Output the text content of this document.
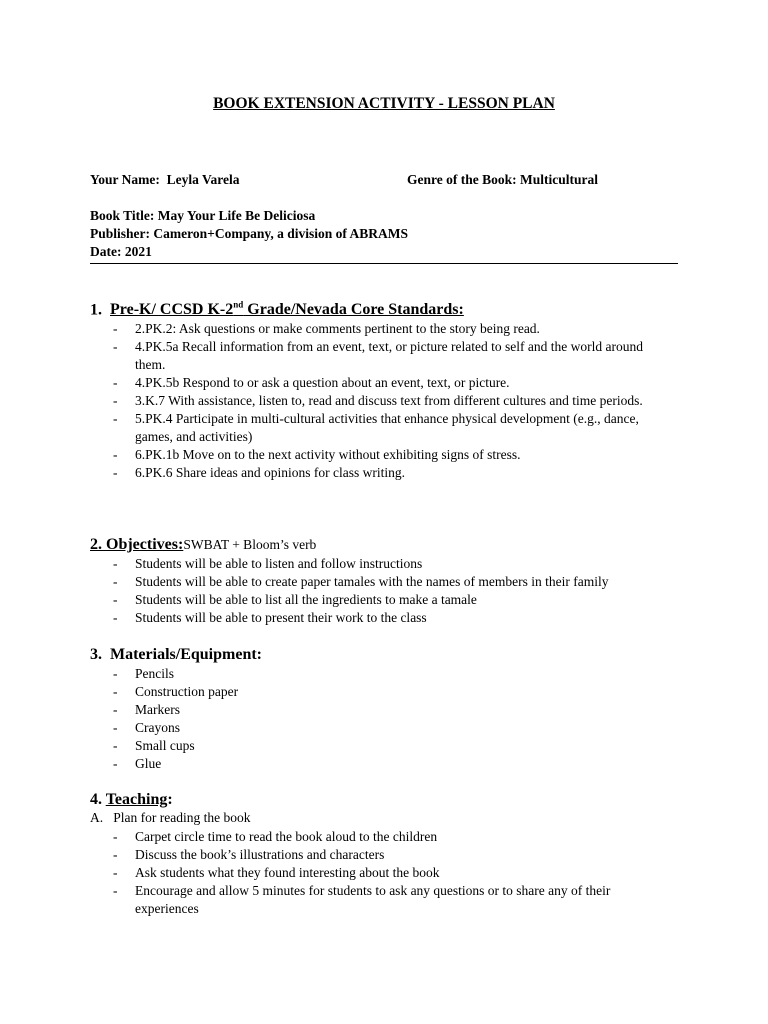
BOOK EXTENSION ACTIVITY - LESSON PLAN
Your Name: Leyla Varela	Genre of the Book: Multicultural
Book Title: May Your Life Be Deliciosa
Publisher: Cameron+Company, a division of ABRAMS
Date: 2021
1. Pre-K/ CCSD K-2nd Grade/Nevada Core Standards:
- 2.PK.2: Ask questions or make comments pertinent to the story being read.
- 4.PK.5a Recall information from an event, text, or picture related to self and the world around them.
- 4.PK.5b Respond to or ask a question about an event, text, or picture.
- 3.K.7 With assistance, listen to, read and discuss text from different cultures and time periods.
- 5.PK.4 Participate in multi-cultural activities that enhance physical development (e.g., dance, games, and activities)
- 6.PK.1b Move on to the next activity without exhibiting signs of stress.
- 6.PK.6 Share ideas and opinions for class writing.
2. Objectives:SWBAT + Bloom’s verb
- Students will be able to listen and follow instructions
- Students will be able to create paper tamales with the names of members in their family
- Students will be able to list all the ingredients to make a tamale
- Students will be able to present their work to the class
3. Materials/Equipment:
- Pencils
- Construction paper
- Markers
- Crayons
- Small cups
- Glue
4. Teaching:
A. Plan for reading the book
- Carpet circle time to read the book aloud to the children
- Discuss the book’s illustrations and characters
- Ask students what they found interesting about the book
- Encourage and allow 5 minutes for students to ask any questions or to share any of their experiences
